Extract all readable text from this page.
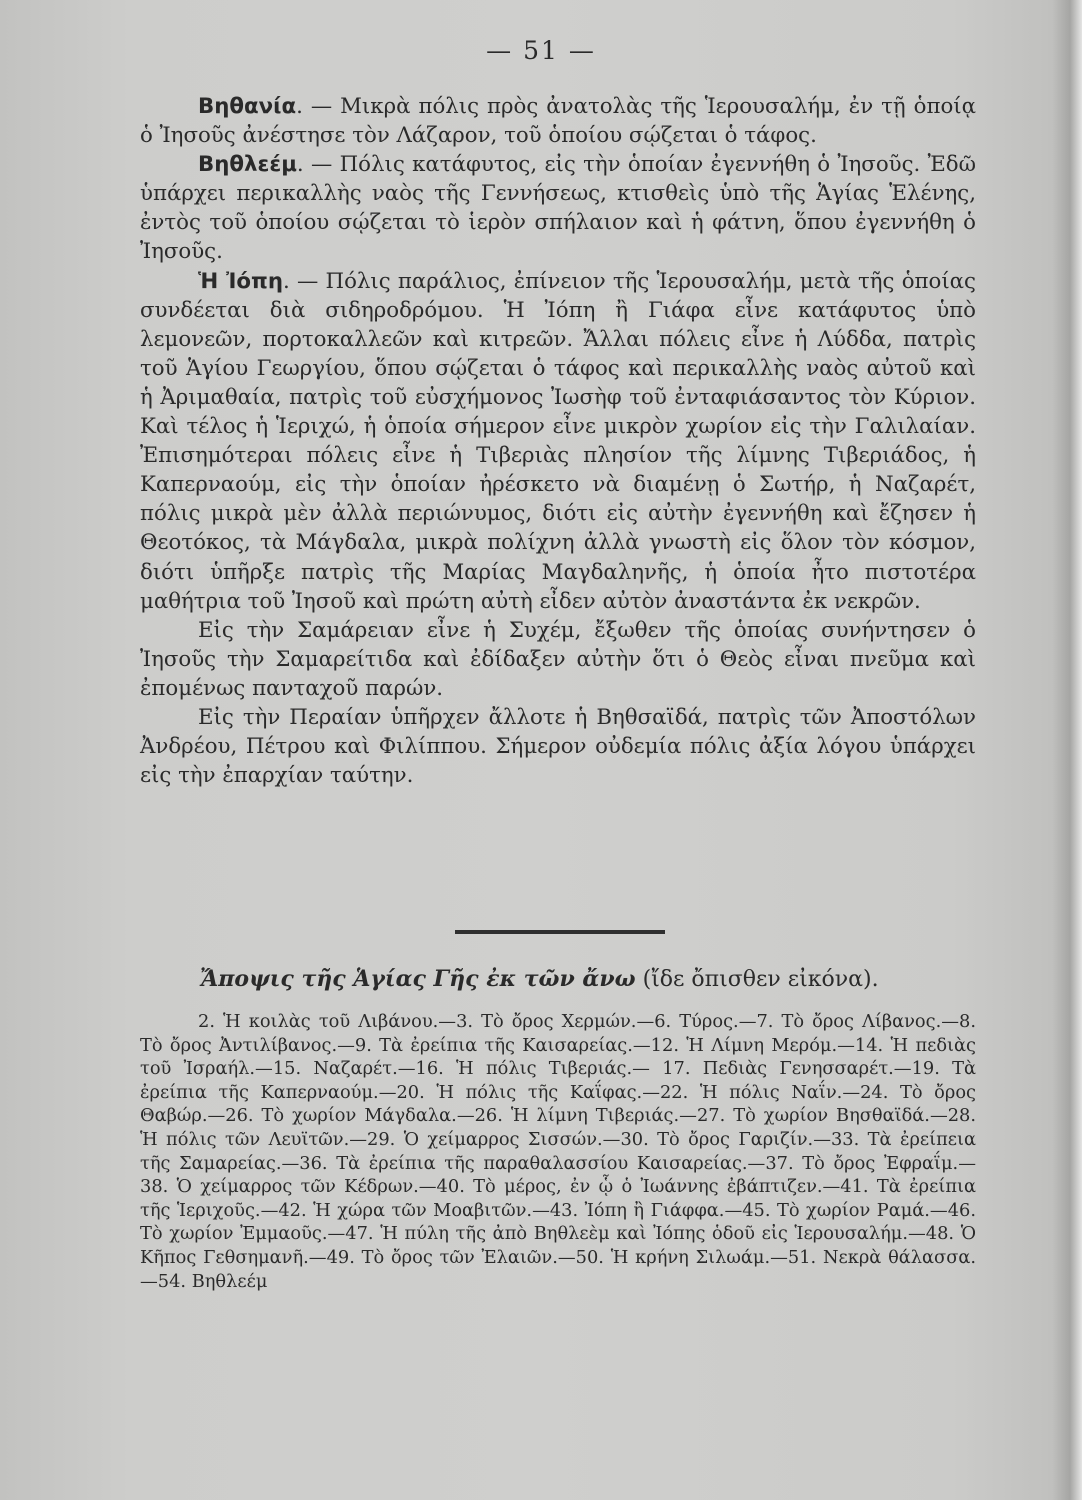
— 51 —

Βηθανία. — Μικρὰ πόλις πρὸς ἀνατολὰς τῆς Ἱερουσαλήμ, ἐν τῇ ὁποίᾳ ὁ Ἰησοῦς ἀνέστησε τὸν Λάζαρον, τοῦ ὁποίου σῴζεται ὁ τάφος.

Βηθλεέμ. — Πόλις κατάφυτος, εἰς τὴν ὁποίαν ἐγεννήθη ὁ Ἰησοῦς. Ἐδῶ ὑπάρχει περικαλλὴς ναὸς τῆς Γεννήσεως, κτισθεὶς ὑπὸ τῆς Ἁγίας Ἑλένης, ἐντὸς τοῦ ὁποίου σῴζεται τὸ ἱερὸν σπήλαιον καὶ ἡ φάτνη, ὅπου ἐγεννήθη ὁ Ἰησοῦς.

Ἡ Ἰόπη. — Πόλις παράλιος, ἐπίνειον τῆς Ἱερουσαλήμ, μετὰ τῆς ὁποίας συνδέεται διὰ σιδηροδρόμου. Ἡ Ἰόπη ἢ Γιάφα εἶνε κατάφυτος ὑπὸ λεμονεῶν, πορτοκαλλεῶν καὶ κιτρεῶν. Ἄλλαι πόλεις εἶνε ἡ Λύδδα, πατρὶς τοῦ Ἁγίου Γεωργίου, ὅπου σῴζεται ὁ τάφος καὶ περικαλλὴς ναὸς αὐτοῦ καὶ ἡ Ἀριμαθαία, πατρὶς τοῦ εὐσχήμονος Ἰωσὴφ τοῦ ἐνταφιάσαντος τὸν Κύριον. Καὶ τέλος ἡ Ἱεριχώ, ἡ ὁποία σήμερον εἶνε μικρὸν χωρίον εἰς τὴν Γαλιλαίαν. Ἐπισημότεραι πόλεις εἶνε ἡ Τιβεριὰς πλησίον τῆς λίμνης Τιβεριάδος, ἡ Καπερναούμ, εἰς τὴν ὁποίαν ἠρέσκετο νὰ διαμένῃ ὁ Σωτήρ, ἡ Ναζαρέτ, πόλις μικρὰ μὲν ἀλλὰ περιώνυμος, διότι εἰς αὐτὴν ἐγεννήθη καὶ ἔζησεν ἡ Θεοτόκος, τὰ Μάγδαλα, μικρὰ πολίχνη ἀλλὰ γνωστὴ εἰς ὅλον τὸν κόσμον, διότι ὑπῆρξε πατρὶς τῆς Μαρίας Μαγδαληνῆς, ἡ ὁποία ἦτο πιστοτέρα μαθήτρια τοῦ Ἰησοῦ καὶ πρώτη αὐτὴ εἶδεν αὐτὸν ἀναστάντα ἐκ νεκρῶν.

Εἰς τὴν Σαμάρειαν εἶνε ἡ Συχέμ, ἔξωθεν τῆς ὁποίας συνήντησεν ὁ Ἰησοῦς τὴν Σαμαρείτιδα καὶ ἐδίδαξεν αὐτὴν ὅτι ὁ Θεὸς εἶναι πνεῦμα καὶ ἐπομένως πανταχοῦ παρών.

Εἰς τὴν Περαίαν ὑπῆρχεν ἄλλοτε ἡ Βηθσαϊδά, πατρὶς τῶν Ἀποστόλων Ἀνδρέου, Πέτρου καὶ Φιλίππου. Σήμερον οὐδεμία πόλις ἀξία λόγου ὑπάρχει εἰς τὴν ἐπαρχίαν ταύτην.

Ἄποψις τῆς Ἁγίας Γῆς ἐκ τῶν ἄνω (ἴδε ὄπισθεν εἰκόνα).
2. Ἡ κοιλὰς τοῦ Λιβάνου.—3. Τὸ ὄρος Χερμών.—6. Τύρος.—7. Τὸ ὄρος Λίβανος.—8. Τὸ ὄρος Ἀντιλίβανος.—9. Τὰ ἐρείπια τῆς Καισαρείας.—12. Ἡ Λίμνη Μερόμ.—14. Ἡ πεδιὰς τοῦ Ἰσραήλ.—15. Ναζαρέτ.—16. Ἡ πόλις Τιβεριάς.— 17. Πεδιὰς Γενησσαρέτ.—19. Τὰ ἐρείπια τῆς Καπερναούμ.—20. Ἡ πόλις τῆς Καΐφας.—22. Ἡ πόλις Ναΐν.—24. Τὸ ὄρος Θαβώρ.—26. Τὸ χωρίον Μάγδαλα.—26. Ἡ λίμνη Τιβεριάς.—27. Τὸ χωρίον Βησθαϊδά.—28. Ἡ πόλις τῶν Λευϊτῶν.—29. Ὁ χείμαρρος Σισσών.—30. Τὸ ὄρος Γαριζίν.—33. Τὰ ἐρείπεια τῆς Σαμαρείας.—36. Τὰ ἐρείπια τῆς παραθαλασσίου Καισαρείας.—37. Τὸ ὄρος Ἐφραΐμ.—38. Ὁ χείμαρρος τῶν Κέδρων.—40. Τὸ μέρος, ἐν ᾧ ὁ Ἰωάννης ἐβάπτιζεν.—41. Τὰ ἐρείπια τῆς Ἱεριχοῦς.—42. Ἡ χώρα τῶν Μοαβιτῶν.—43. Ἰόπη ἢ Γιάφφα.—45. Τὸ χωρίον Ραμά.—46. Τὸ χωρίον Ἐμμαοῦς.—47. Ἡ πύλη τῆς ἀπὸ Βηθλεὲμ καὶ Ἰόπης ὁδοῦ εἰς Ἱερουσαλήμ.—48. Ὁ Κῆπος Γεθσημανῆ.—49. Τὸ ὄρος τῶν Ἐλαιῶν.—50. Ἡ κρήνη Σιλωάμ.—51. Νεκρὰ θάλασσα.—54. Βηθλεέμ
